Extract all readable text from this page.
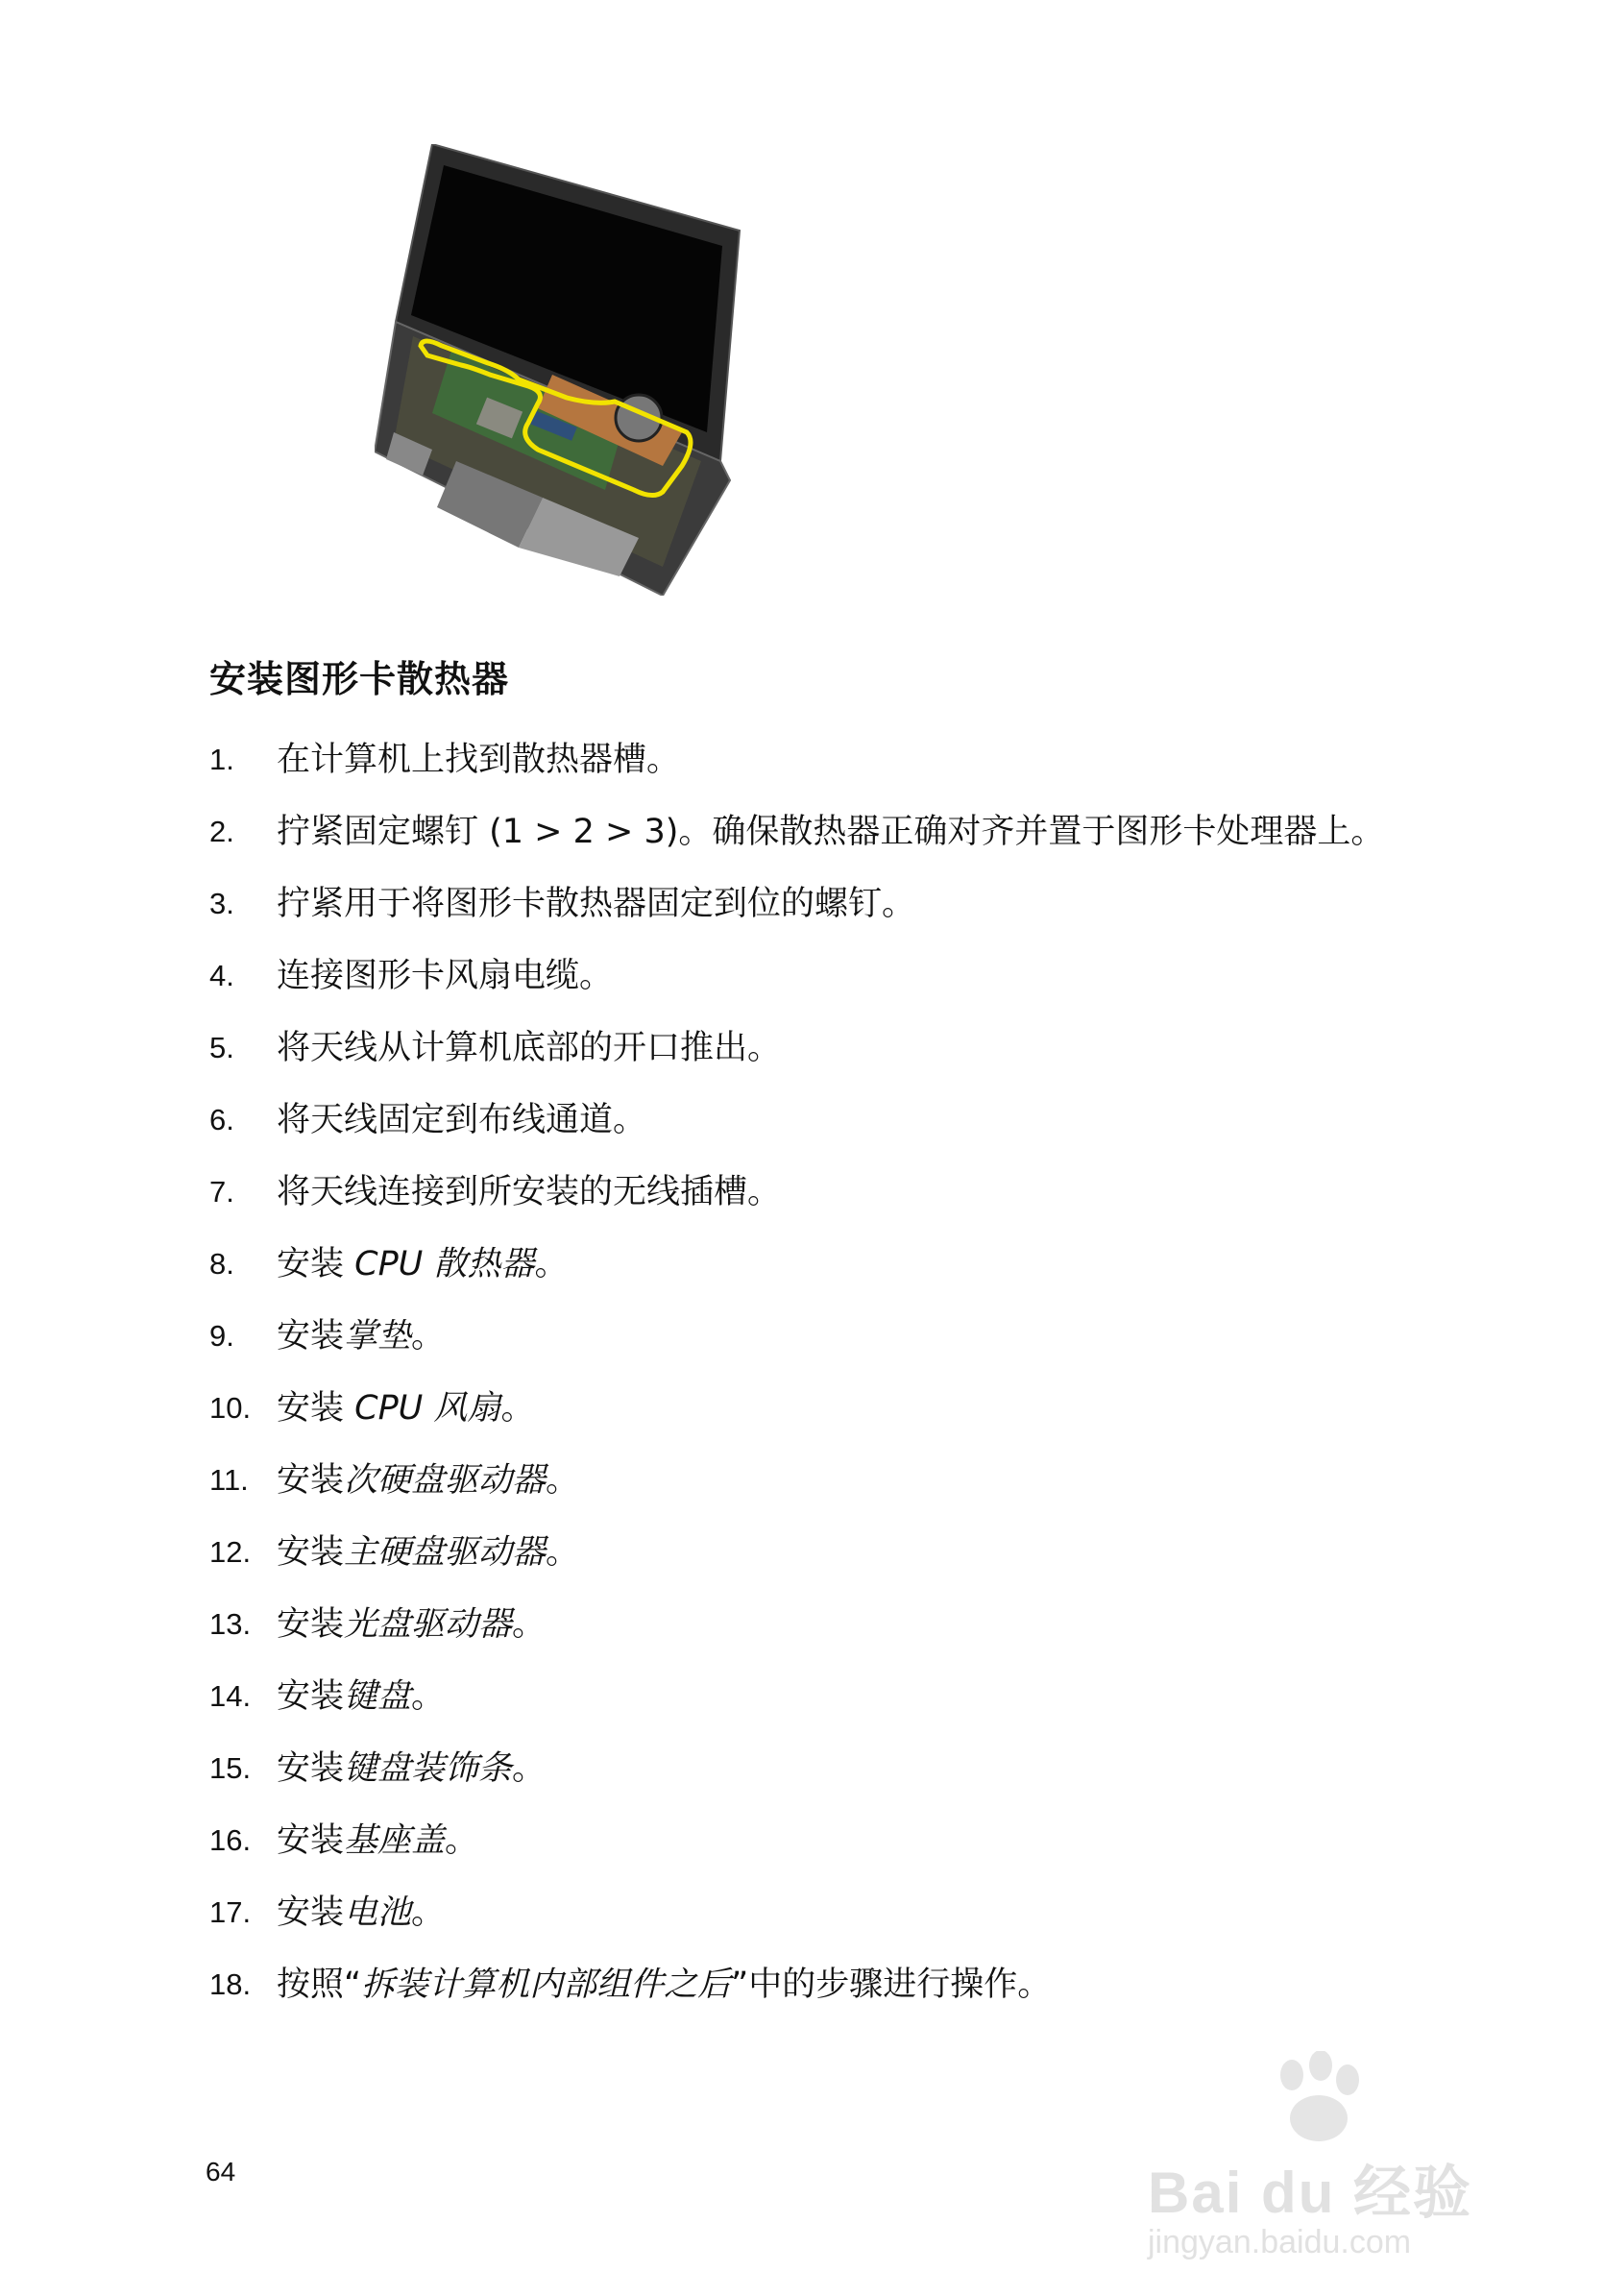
安装图形卡散热器
1. 在计算机上找到散热器槽。
2. 拧紧固定螺钉 (1 > 2 > 3)。确保散热器正确对齐并置于图形卡处理器上。
3. 拧紧用于将图形卡散热器固定到位的螺钉。
4. 连接图形卡风扇电缆。
5. 将天线从计算机底部的开口推出。
6. 将天线固定到布线通道。
7. 将天线连接到所安装的无线插槽。
8. 安装 CPU 散热器。
9. 安装掌垫。
10. 安装 CPU 风扇。
11. 安装次硬盘驱动器。
12. 安装主硬盘驱动器。
13. 安装光盘驱动器。
14. 安装键盘。
15. 安装键盘装饰条。
16. 安装基座盖。
17. 安装电池。
18. 按照“拆装计算机内部组件之后”中的步骤进行操作。
64	Bai du 经验
jingyan.baidu.com
